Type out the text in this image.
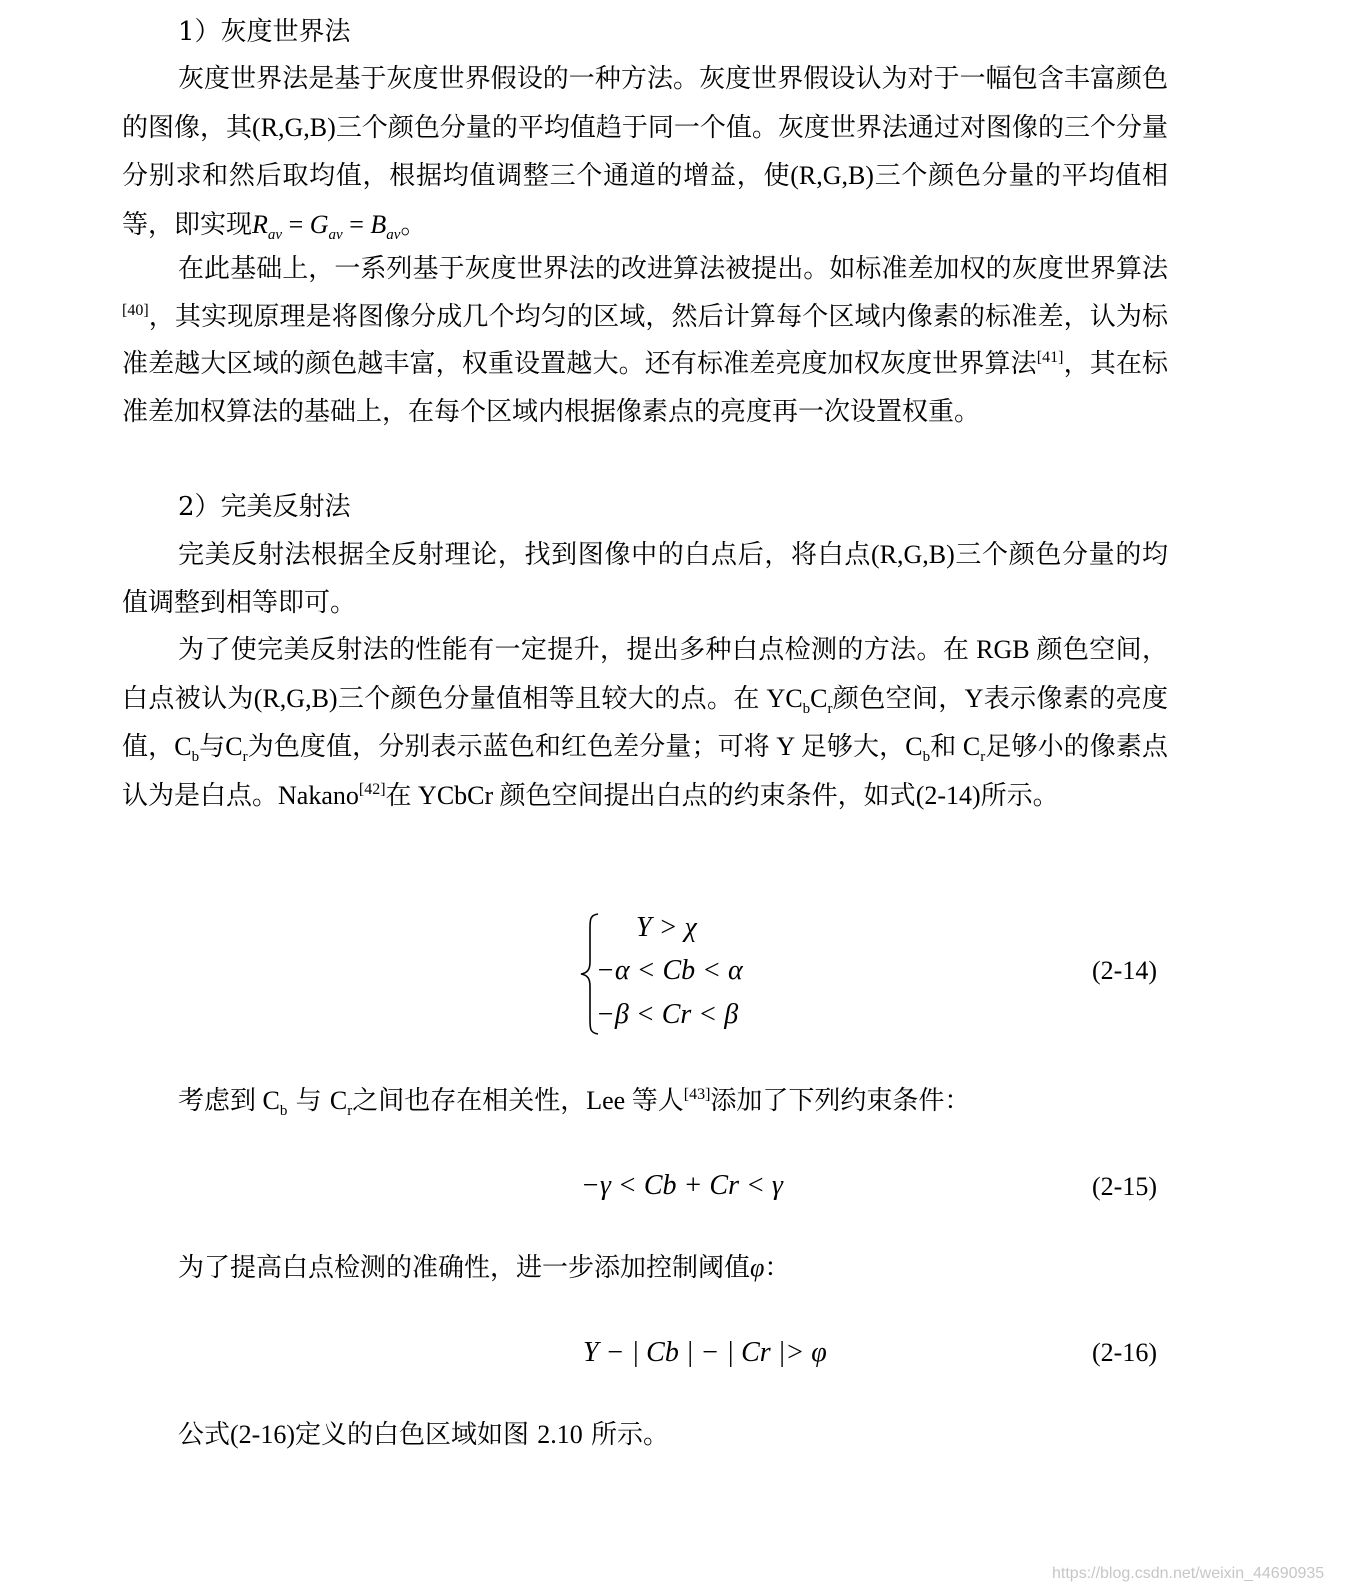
1）灰度世界法

灰度世界法是基于灰度世界假设的一种方法。灰度世界假设认为对于一幅包含丰富颜色的图像，其(R,G,B)三个颜色分量的平均值趋于同一个值。灰度世界法通过对图像的三个分量分别求和然后取均值，根据均值调整三个通道的增益，使(R,G,B)三个颜色分量的平均值相等，即实现$R_{av} = G_{av} = B_{av}$。

在此基础上，一系列基于灰度世界法的改进算法被提出。如标准差加权的灰度世界算法[40]，其实现原理是将图像分成几个均匀的区域，然后计算每个区域内像素的标准差，认为标准差越大区域的颜色越丰富，权重设置越大。还有标准差亮度加权灰度世界算法[41]，其在标准差加权算法的基础上，在每个区域内根据像素点的亮度再一次设置权重。

2）完美反射法

完美反射法根据全反射理论，找到图像中的白点后，将白点(R,G,B)三个颜色分量的均值调整到相等即可。

为了使完美反射法的性能有一定提升，提出多种白点检测的方法。在 RGB 颜色空间，白点被认为(R,G,B)三个颜色分量值相等且较大的点。在 $YC_bC_r$颜色空间，Y表示像素的亮度值，$C_b$与$C_r$为色度值，分别表示蓝色和红色差分量；可将 Y 足够大，$C_b$和 $C_r$足够小的像素点认为是白点。Nakano[42]在 YCbCr 颜色空间提出白点的约束条件，如式(2-14)所示。

Y > χ
−α < Cb < α
−β < Cr < β
(2-14)

考虑到 $C_b$ 与 $C_r$之间也存在相关性，Lee 等人[43]添加了下列约束条件：

−γ < Cb + Cr < γ	(2-15)

为了提高白点检测的准确性，进一步添加控制阈值φ：

Y − | Cb | − | Cr |> φ	(2-16)

公式(2-16)定义的白色区域如图 2.10 所示。

https://blog.csdn.net/weixin_44690935
